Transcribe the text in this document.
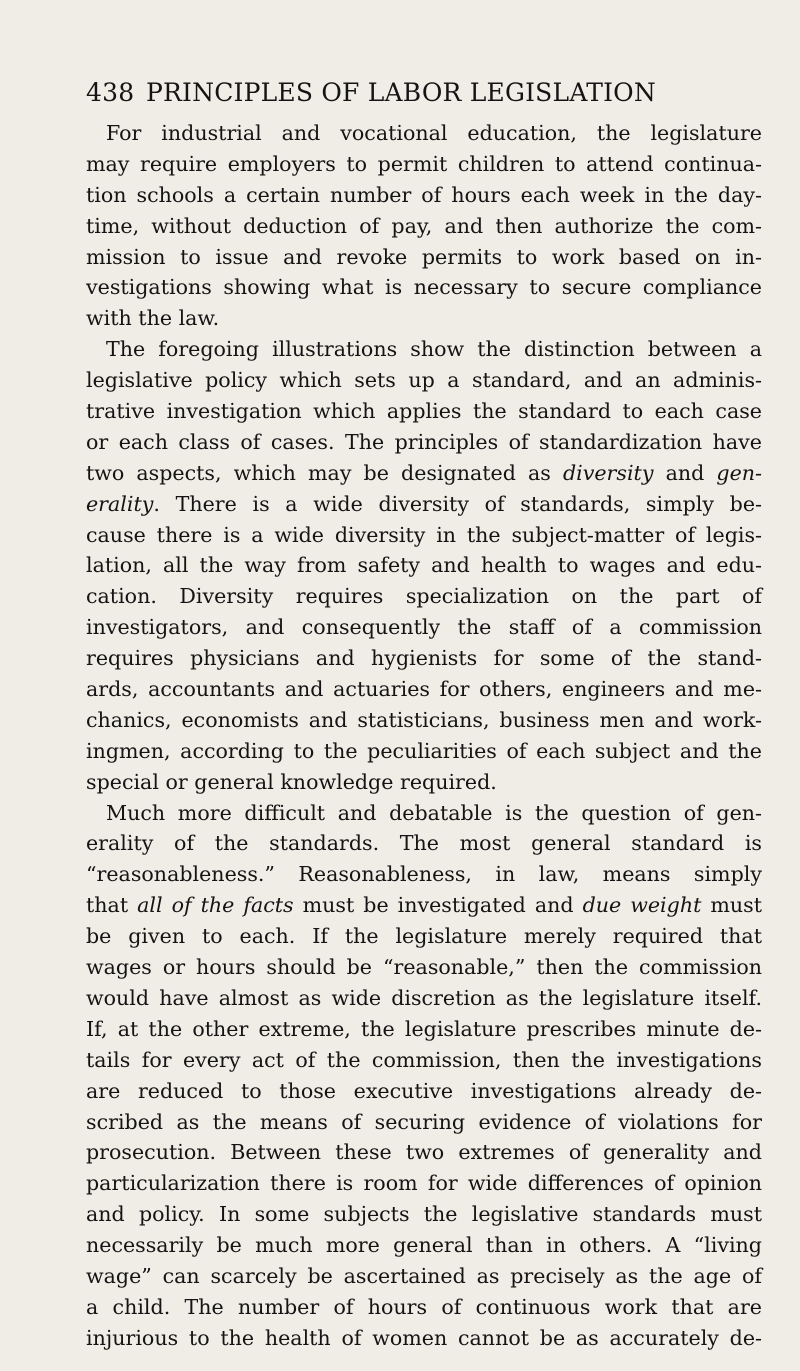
438 PRINCIPLES OF LABOR LEGISLATION
For industrial and vocational education, the legislature
may require employers to permit children to attend continua-
tion schools a certain number of hours each week in the day-
time, without deduction of pay, and then authorize the com-
mission to issue and revoke permits to work based on in-
vestigations showing what is necessary to secure compliance
with the law.
The foregoing illustrations show the distinction between a
legislative policy which sets up a standard, and an adminis-
trative investigation which applies the standard to each case
or each class of cases. The principles of standardization have
two aspects, which may be designated as diversity and gen-
erality. There is a wide diversity of standards, simply be-
cause there is a wide diversity in the subject-matter of legis-
lation, all the way from safety and health to wages and edu-
cation. Diversity requires specialization on the part of
investigators, and consequently the staff of a commission
requires physicians and hygienists for some of the stand-
ards, accountants and actuaries for others, engineers and me-
chanics, economists and statisticians, business men and work-
ingmen, according to the peculiarities of each subject and the
special or general knowledge required.
Much more difficult and debatable is the question of gen-
erality of the standards. The most general standard is
“reasonableness.” Reasonableness, in law, means simply
that all of the facts must be investigated and due weight must
be given to each. If the legislature merely required that
wages or hours should be “reasonable,” then the commission
would have almost as wide discretion as the legislature itself.
If, at the other extreme, the legislature prescribes minute de-
tails for every act of the commission, then the investigations
are reduced to those executive investigations already de-
scribed as the means of securing evidence of violations for
prosecution. Between these two extremes of generality and
particularization there is room for wide differences of opinion
and policy. In some subjects the legislative standards must
necessarily be much more general than in others. A “living
wage” can scarcely be ascertained as precisely as the age of
a child. The number of hours of continuous work that are
injurious to the health of women cannot be as accurately de-
